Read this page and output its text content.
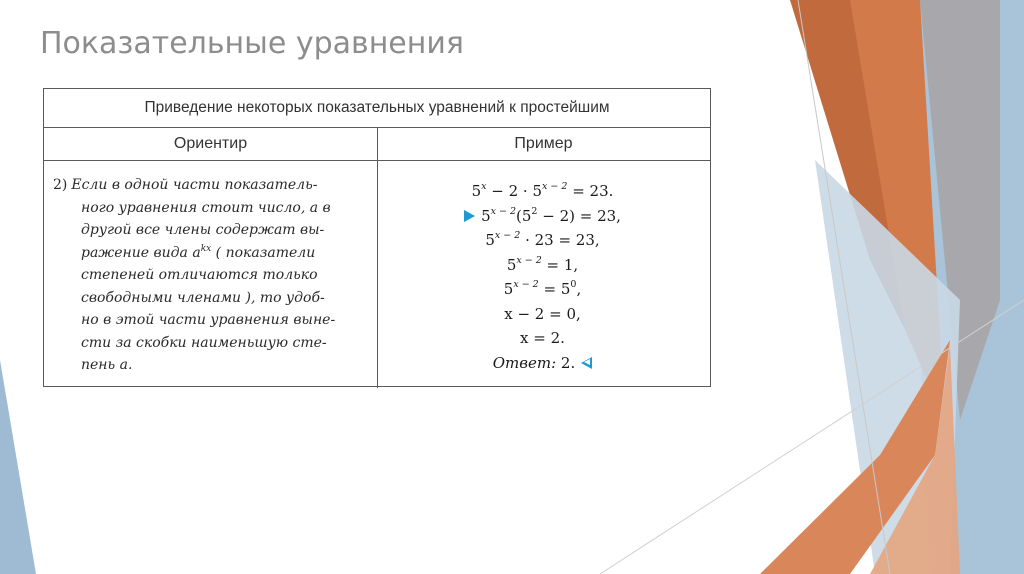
Показательные уравнения
Приведение некоторых показательных уравнений к простейшим
Ориентир	Пример
2) Если в одной части показатель-
ного уравнения стоит число, а в
другой все члены содержат вы-
ражение вида $a^{kx}$ ( показатели
степеней отличаются только
свободными членами ), то удоб-
но в этой части уравнения выне-
сти за скобки наименьшую сте-
пень a.
$5^x - 2 \cdot 5^{x - 2} = 23$.
$5^{x - 2}(5^2 - 2) = 23$,
$5^{x - 2} \cdot 23 = 23$,
$5^{x - 2} = 1$,
$5^{x - 2} = 5^0$,
x − 2 = 0,
x = 2.
Ответ: 2.
